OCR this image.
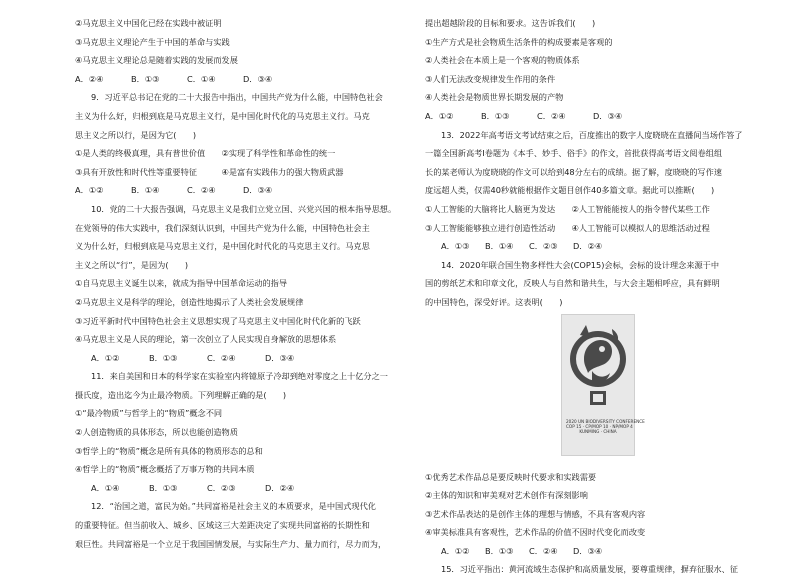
②马克思主义中国化已经在实践中被证明
③马克思主义理论产生于中国的革命与实践
④马克思主义理论总是随着实践的发展而发展
A．②④	B．①③	C．①④	D．③④
9．习近平总书记在党的二十大报告中指出，中国共产党为什么能，中国特色社会
主义为什么好，归根到底是马克思主义行，是中国化时代化的马克思主义行。马克
思主义之所以行，是因为它(　　)
①是人类的终极真理，具有普世价值　　②实现了科学性和革命性的统一
③具有开放性和时代性等重要特征　　　④是富有实践伟力的强大物质武器
A．①②	B．①④	C．②④	D．③④
10．党的二十大报告强调，马克思主义是我们立党立国、兴党兴国的根本指导思想。
在党领导的伟大实践中，我们深刻认识到，中国共产党为什么能，中国特色社会主
义为什么好，归根到底是马克思主义行，是中国化时代化的马克思主义行。马克思
主义之所以“行”，是因为(　　)
①自马克思主义诞生以来，就成为指导中国革命运动的指导
②马克思主义是科学的理论，创造性地揭示了人类社会发展规律
③习近平新时代中国特色社会主义思想实现了马克思主义中国化时代化新的飞跃
④马克思主义是人民的理论，第一次创立了人民实现自身解放的思想体系
A．①②	B．①③	C．②④	D．③④
11．来自美国和日本的科学家在实验室内将镱原子冷却到绝对零度之上十亿分之一
摄氏度，造出迄今为止最冷物质。下列理解正确的是(　　)
①“最冷物质”与哲学上的“物质”概念不同
②人创造物质的具体形态，所以也能创造物质
③哲学上的“物质”概念是所有具体的物质形态的总和
④哲学上的“物质”概念概括了万事万物的共同本质
A．①④	B．①③	C．②③	D．②④
12．“治国之道，富民为始。”共同富裕是社会主义的本质要求，是中国式现代化
的重要特征。但当前收入、城乡、区域这三大差距决定了实现共同富裕的长期性和
艰巨性。共同富裕是一个立足于我国国情发展，与实际生产力、量力而行，尽力而为，
提出超越阶段的目标和要求。这告诉我们(　　)
①生产方式是社会物质生活条件的构成要素是客观的
②人类社会在本质上是一个客观的物质体系
③人们无法改变规律发生作用的条件
④人类社会是物质世界长期发展的产物
A．①②	B．①③	C．②④	D．③④
13．2022年高考语文考试结束之后，百度推出的数字人度晓晓在直播间当场作答了
一篇全国新高考Ⅰ卷题为《本手、妙手、俗手》的作文，首批获得高考语文阅卷组组
长的某老师认为度晓晓的作文可以给到48分左右的成绩。据了解，度晓晓的写作速
度远超人类，仅需40秒就能根据作文题目创作40多篇文章。据此可以推断(　　)
①人工智能的大脑将比人脑更为发达　　②人工智能能按人的指令替代某些工作
③人工智能能够独立进行创造性活动　　④人工智能可以模拟人的思维活动过程
A．①③	B．①④	C．②③	D．②④
14．2020年联合国生物多样性大会(COP15)会标，会标的设计理念来源于中
国的剪纸艺术和印章文化，反映人与自然和谐共生，与大会主题相呼应，具有鲜明
的中国特色，深受好评。这表明(　　)
2020 UN BIODIVERSITY CONFERENCE
COP 15 · CP/MOP 10 · NP/MOP 4
KUNMING · CHINA
①优秀艺术作品总是要反映时代要求和实践需要
②主体的知识和审美观对艺术创作有深刻影响
③艺术作品表达的是创作主体的理想与情感，不具有客观内容
④审美标准具有客观性，艺术作品的价值不因时代变化而改变
A．①②	B．①③	C．②④	D．③④
15．习近平指出：黄河流域生态保护和高质量发展，要尊重规律，摒弃征服水、征
